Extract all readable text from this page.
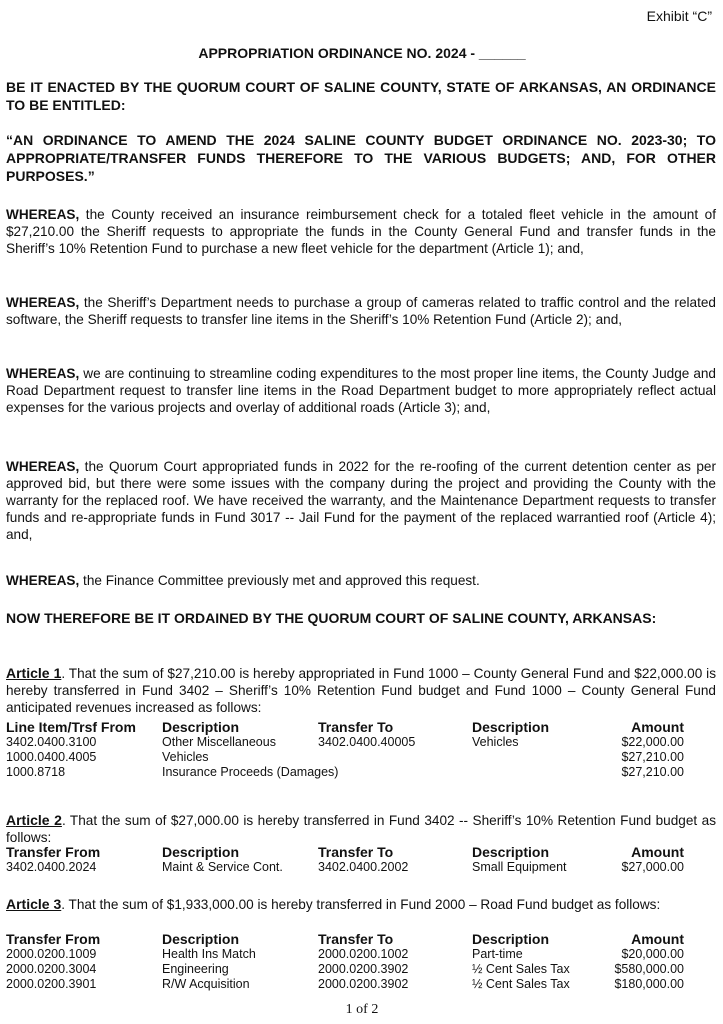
Exhibit “C”
APPROPRIATION ORDINANCE NO. 2024 - ______

BE IT ENACTED BY THE QUORUM COURT OF SALINE COUNTY, STATE OF ARKANSAS, AN ORDINANCE TO BE ENTITLED:

“AN ORDINANCE TO AMEND THE 2024 SALINE COUNTY BUDGET ORDINANCE NO. 2023-30; TO APPROPRIATE/TRANSFER FUNDS THEREFORE TO THE VARIOUS BUDGETS; AND, FOR OTHER PURPOSES.”

WHEREAS, the County received an insurance reimbursement check for a totaled fleet vehicle in the amount of $27,210.00 the Sheriff requests to appropriate the funds in the County General Fund and transfer funds in the Sheriff’s 10% Retention Fund to purchase a new fleet vehicle for the department (Article 1); and,

WHEREAS, the Sheriff’s Department needs to purchase a group of cameras related to traffic control and the related software, the Sheriff requests to transfer line items in the Sheriff’s 10% Retention Fund (Article 2); and,

WHEREAS, we are continuing to streamline coding expenditures to the most proper line items, the County Judge and Road Department request to transfer line items in the Road Department budget to more appropriately reflect actual expenses for the various projects and overlay of additional roads (Article 3); and,

WHEREAS, the Quorum Court appropriated funds in 2022 for the re-roofing of the current detention center as per approved bid, but there were some issues with the company during the project and providing the County with the warranty for the replaced roof. We have received the warranty, and the Maintenance Department requests to transfer funds and re-appropriate funds in Fund 3017 -- Jail Fund for the payment of the replaced warrantied roof (Article 4); and,

WHEREAS, the Finance Committee previously met and approved this request.

NOW THEREFORE BE IT ORDAINED BY THE QUORUM COURT OF SALINE COUNTY, ARKANSAS:

Article 1. That the sum of $27,210.00 is hereby appropriated in Fund 1000 – County General Fund and $22,000.00 is hereby transferred in Fund 3402 – Sheriff’s 10% Retention Fund budget and Fund 1000 – County General Fund anticipated revenues increased as follows:

Line Item/Trsf From	Description	Transfer To	Description	Amount
3402.0400.3100	Other Miscellaneous	3402.0400.40005	Vehicles	$22,000.00
1000.0400.4005	Vehicles			$27,210.00
1000.8718	Insurance Proceeds (Damages)			$27,210.00

Article 2. That the sum of $27,000.00 is hereby transferred in Fund 3402 -- Sheriff’s 10% Retention Fund budget as follows:

Transfer From	Description	Transfer To	Description	Amount
3402.0400.2024	Maint & Service Cont.	3402.0400.2002	Small Equipment	$27,000.00

Article 3. That the sum of $1,933,000.00 is hereby transferred in Fund 2000 – Road Fund budget as follows:

Transfer From	Description	Transfer To	Description	Amount
2000.0200.1009	Health Ins Match	2000.0200.1002	Part-time	$20,000.00
2000.0200.3004	Engineering	2000.0200.3902	½ Cent Sales Tax	$580,000.00
2000.0200.3901	R/W Acquisition	2000.0200.3902	½ Cent Sales Tax	$180,000.00
1 of 2
